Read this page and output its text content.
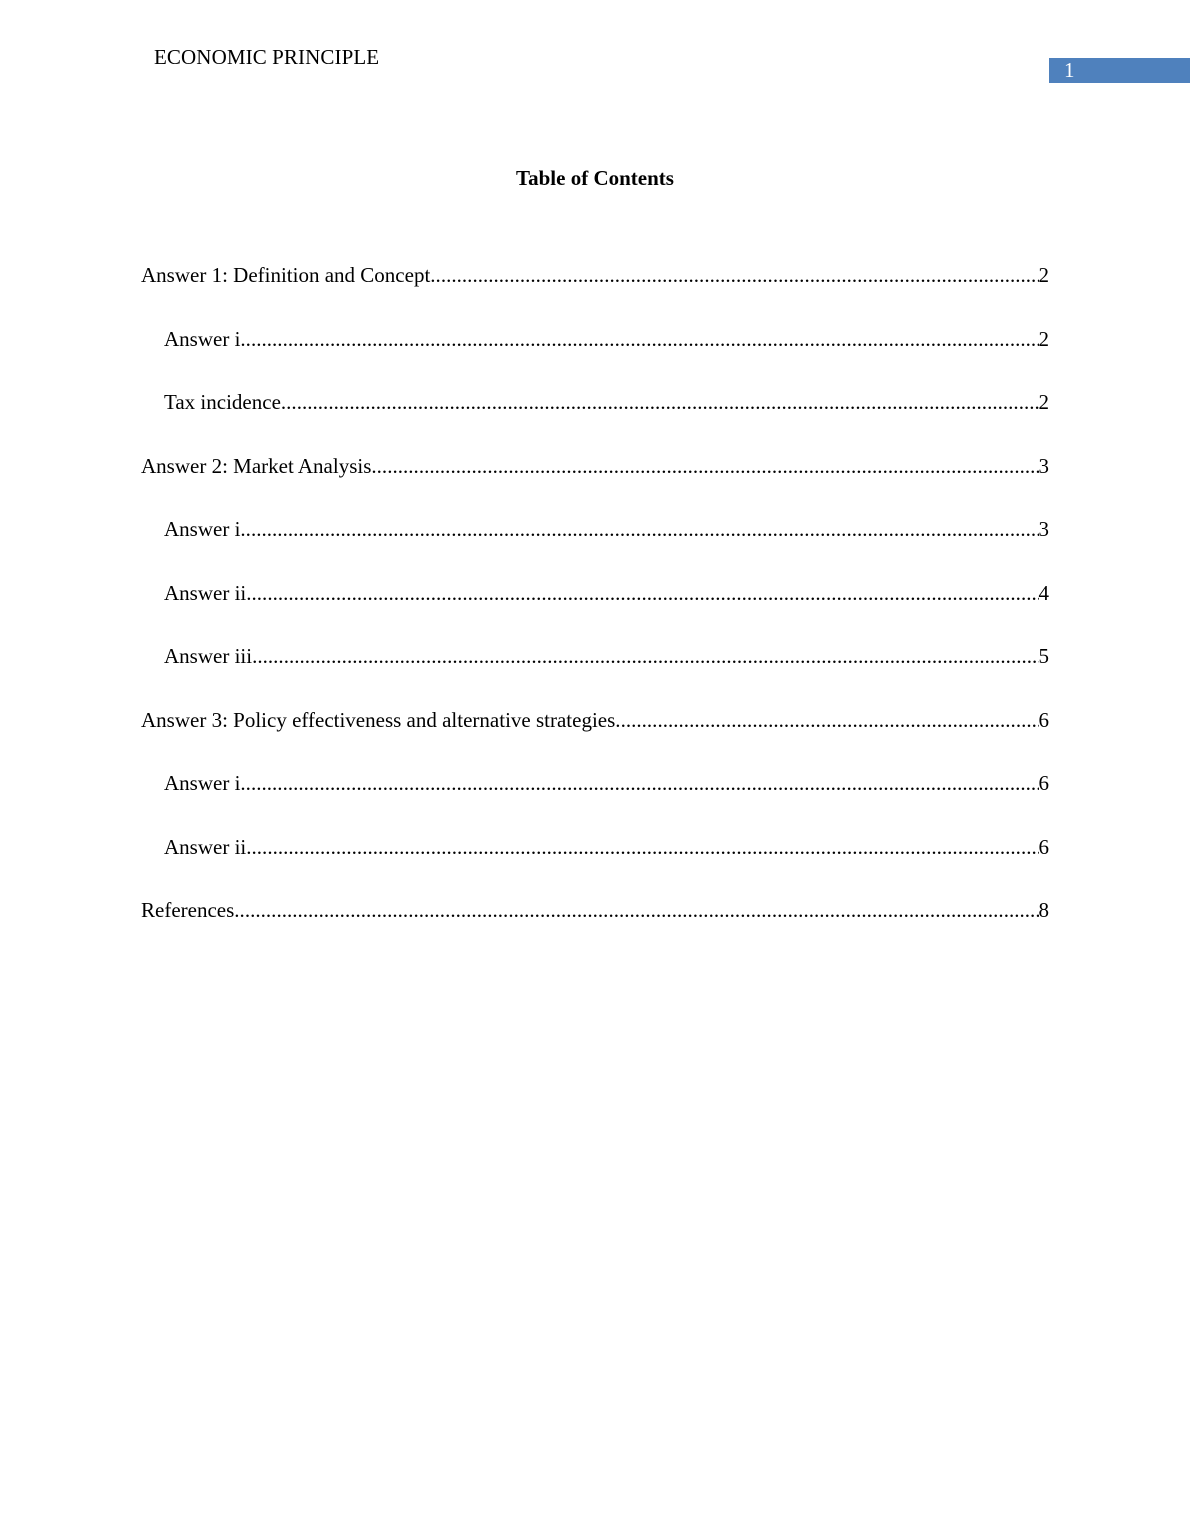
ECONOMIC PRINCIPLE
1
Table of Contents
Answer 1: Definition and Concept .....	2
Answer i .....	2
Tax incidence .....	2
Answer 2: Market Analysis .....	3
Answer i .....	3
Answer ii .....	4
Answer iii .....	5
Answer 3: Policy effectiveness and alternative strategies .....	6
Answer i .....	6
Answer ii .....	6
References .....	8
